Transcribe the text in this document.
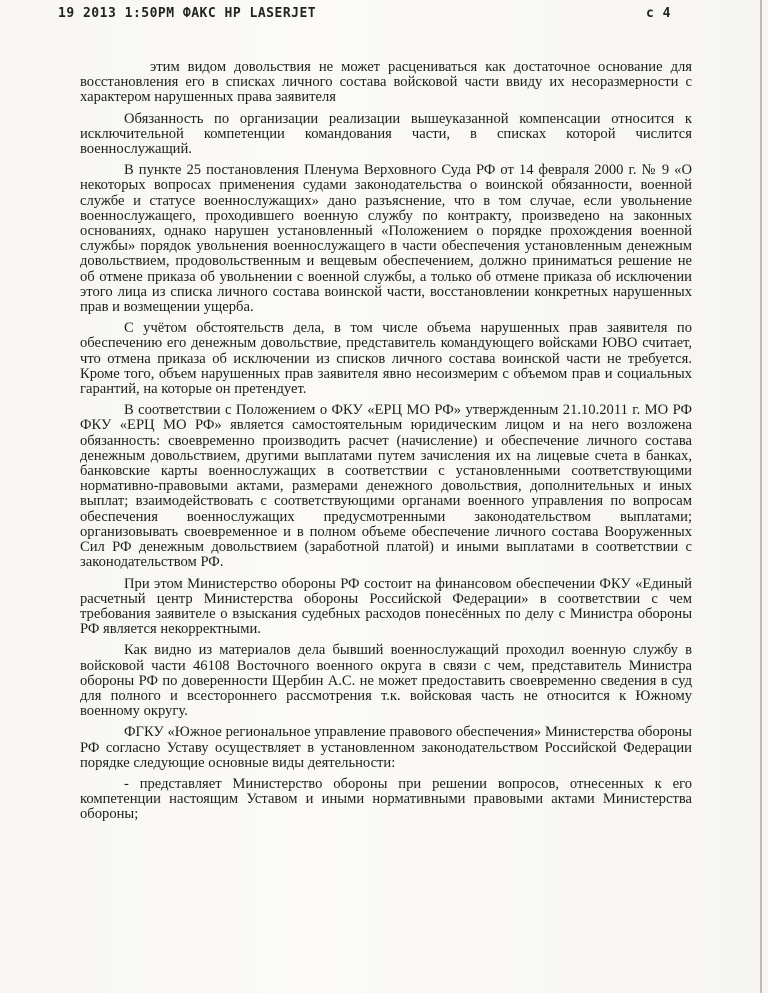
19 2013 1:50PM ФАКС HP LASERJET	с 4

этим видом довольствия не может расцениваться как достаточное основание для восстановления его в списках личного состава войсковой части ввиду их несоразмерности с характером нарушенных права заявителя

Обязанность по организации реализации вышеуказанной компенсации относится к исключительной компетенции командования части, в списках которой числится военнослужащий.

В пункте 25 постановления Пленума Верховного Суда РФ от 14 февраля 2000 г. № 9 «О некоторых вопросах применения судами законодательства о воинской обязанности, военной службе и статусе военнослужащих» дано разъяснение, что в том случае, если увольнение военнослужащего, проходившего военную службу по контракту, произведено на законных основаниях, однако нарушен установленный «Положением о порядке прохождения военной службы» порядок увольнения военнослужащего в части обеспечения установленным денежным довольствием, продовольственным и вещевым обеспечением, должно приниматься решение не об отмене приказа об увольнении с военной службы, а только об отмене приказа об исключении этого лица из списка личного состава воинской части, восстановлении конкретных нарушенных прав и возмещении ущерба.

С учётом обстоятельств дела, в том числе объема нарушенных прав заявителя по обеспечению его денежным довольствие, представитель командующего войсками ЮВО считает, что отмена приказа об исключении из списков личного состава воинской части не требуется. Кроме того, объем нарушенных прав заявителя явно несоизмерим с объемом прав и социальных гарантий, на которые он претендует.

В соответствии с Положением о ФКУ «ЕРЦ МО РФ» утвержденным 21.10.2011 г. МО РФ ФКУ «ЕРЦ МО РФ» является самостоятельным юридическим лицом и на него возложена обязанность: своевременно производить расчет (начисление) и обеспечение личного состава денежным довольствием, другими выплатами путем зачисления их на лицевые счета в банках, банковские карты военнослужащих в соответствии с установленными соответствующими нормативно-правовыми актами, размерами денежного довольствия, дополнительных и иных выплат; взаимодействовать с соответствующими органами военного управления по вопросам обеспечения военнослужащих предусмотренными законодательством выплатами; организовывать своевременное и в полном объеме обеспечение личного состава Вооруженных Сил РФ денежным довольствием (заработной платой) и иными выплатами в соответствии с законодательством РФ.

При этом Министерство обороны РФ состоит на финансовом обеспечении ФКУ «Единый расчетный центр Министерства обороны Российской Федерации» в соответствии с чем требования заявителе о взыскания судебных расходов понесённых по делу с Министра обороны РФ является некорректными.

Как видно из материалов дела бывший военнослужащий проходил военную службу в войсковой части 46108 Восточного военного округа в связи с чем, представитель Министра обороны РФ по доверенности Щербин А.С. не может предоставить своевременно сведения в суд для полного и всестороннего рассмотрения т.к. войсковая часть не относится к Южному военному округу.

ФГКУ «Южное региональное управление правового обеспечения» Министерства обороны РФ согласно Уставу осуществляет в установленном законодательством Российской Федерации порядке следующие основные виды деятельности:

- представляет Министерство обороны при решении вопросов, отнесенных к его компетенции настоящим Уставом и иными нормативными правовыми актами Министерства обороны;
